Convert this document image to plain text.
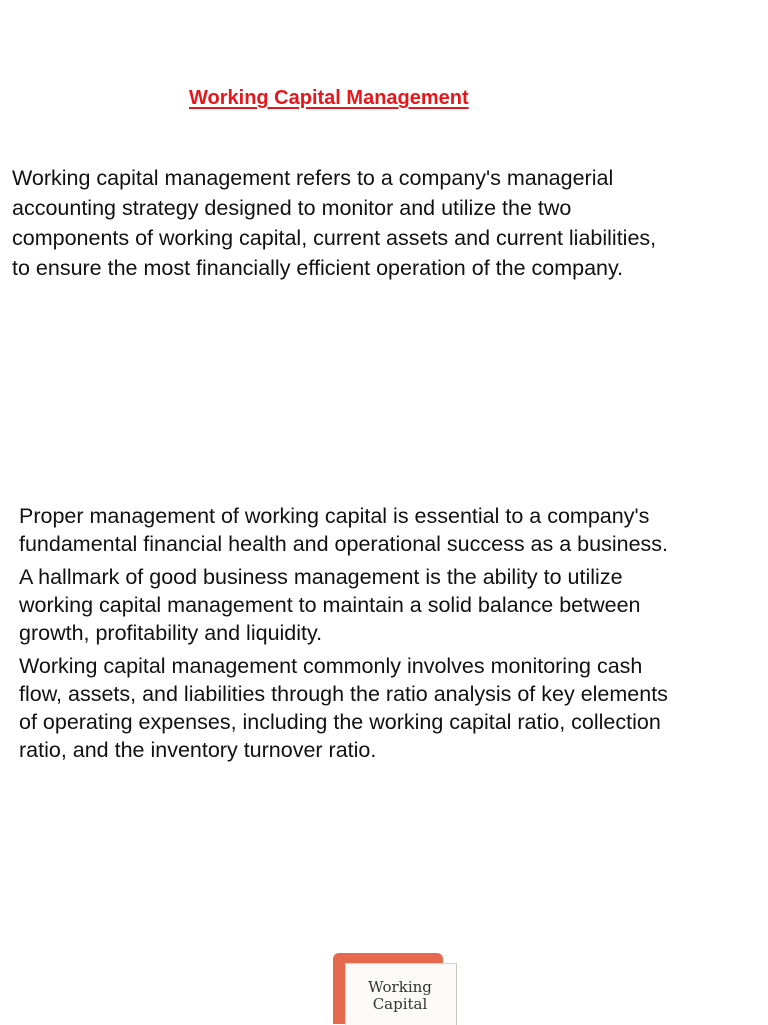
Working Capital Management

Working capital management refers to a company's managerial
accounting strategy designed to monitor and utilize the two
components of working capital, current assets and current liabilities,
to ensure the most financially efficient operation of the company.

Proper management of working capital is essential to a company's
fundamental financial health and operational success as a business.
A hallmark of good business management is the ability to utilize
working capital management to maintain a solid balance between
growth, profitability and liquidity.
Working capital management commonly involves monitoring cash
flow, assets, and liabilities through the ratio analysis of key elements
of operating expenses, including the working capital ratio, collection
ratio, and the inventory turnover ratio.
Working
Capital
